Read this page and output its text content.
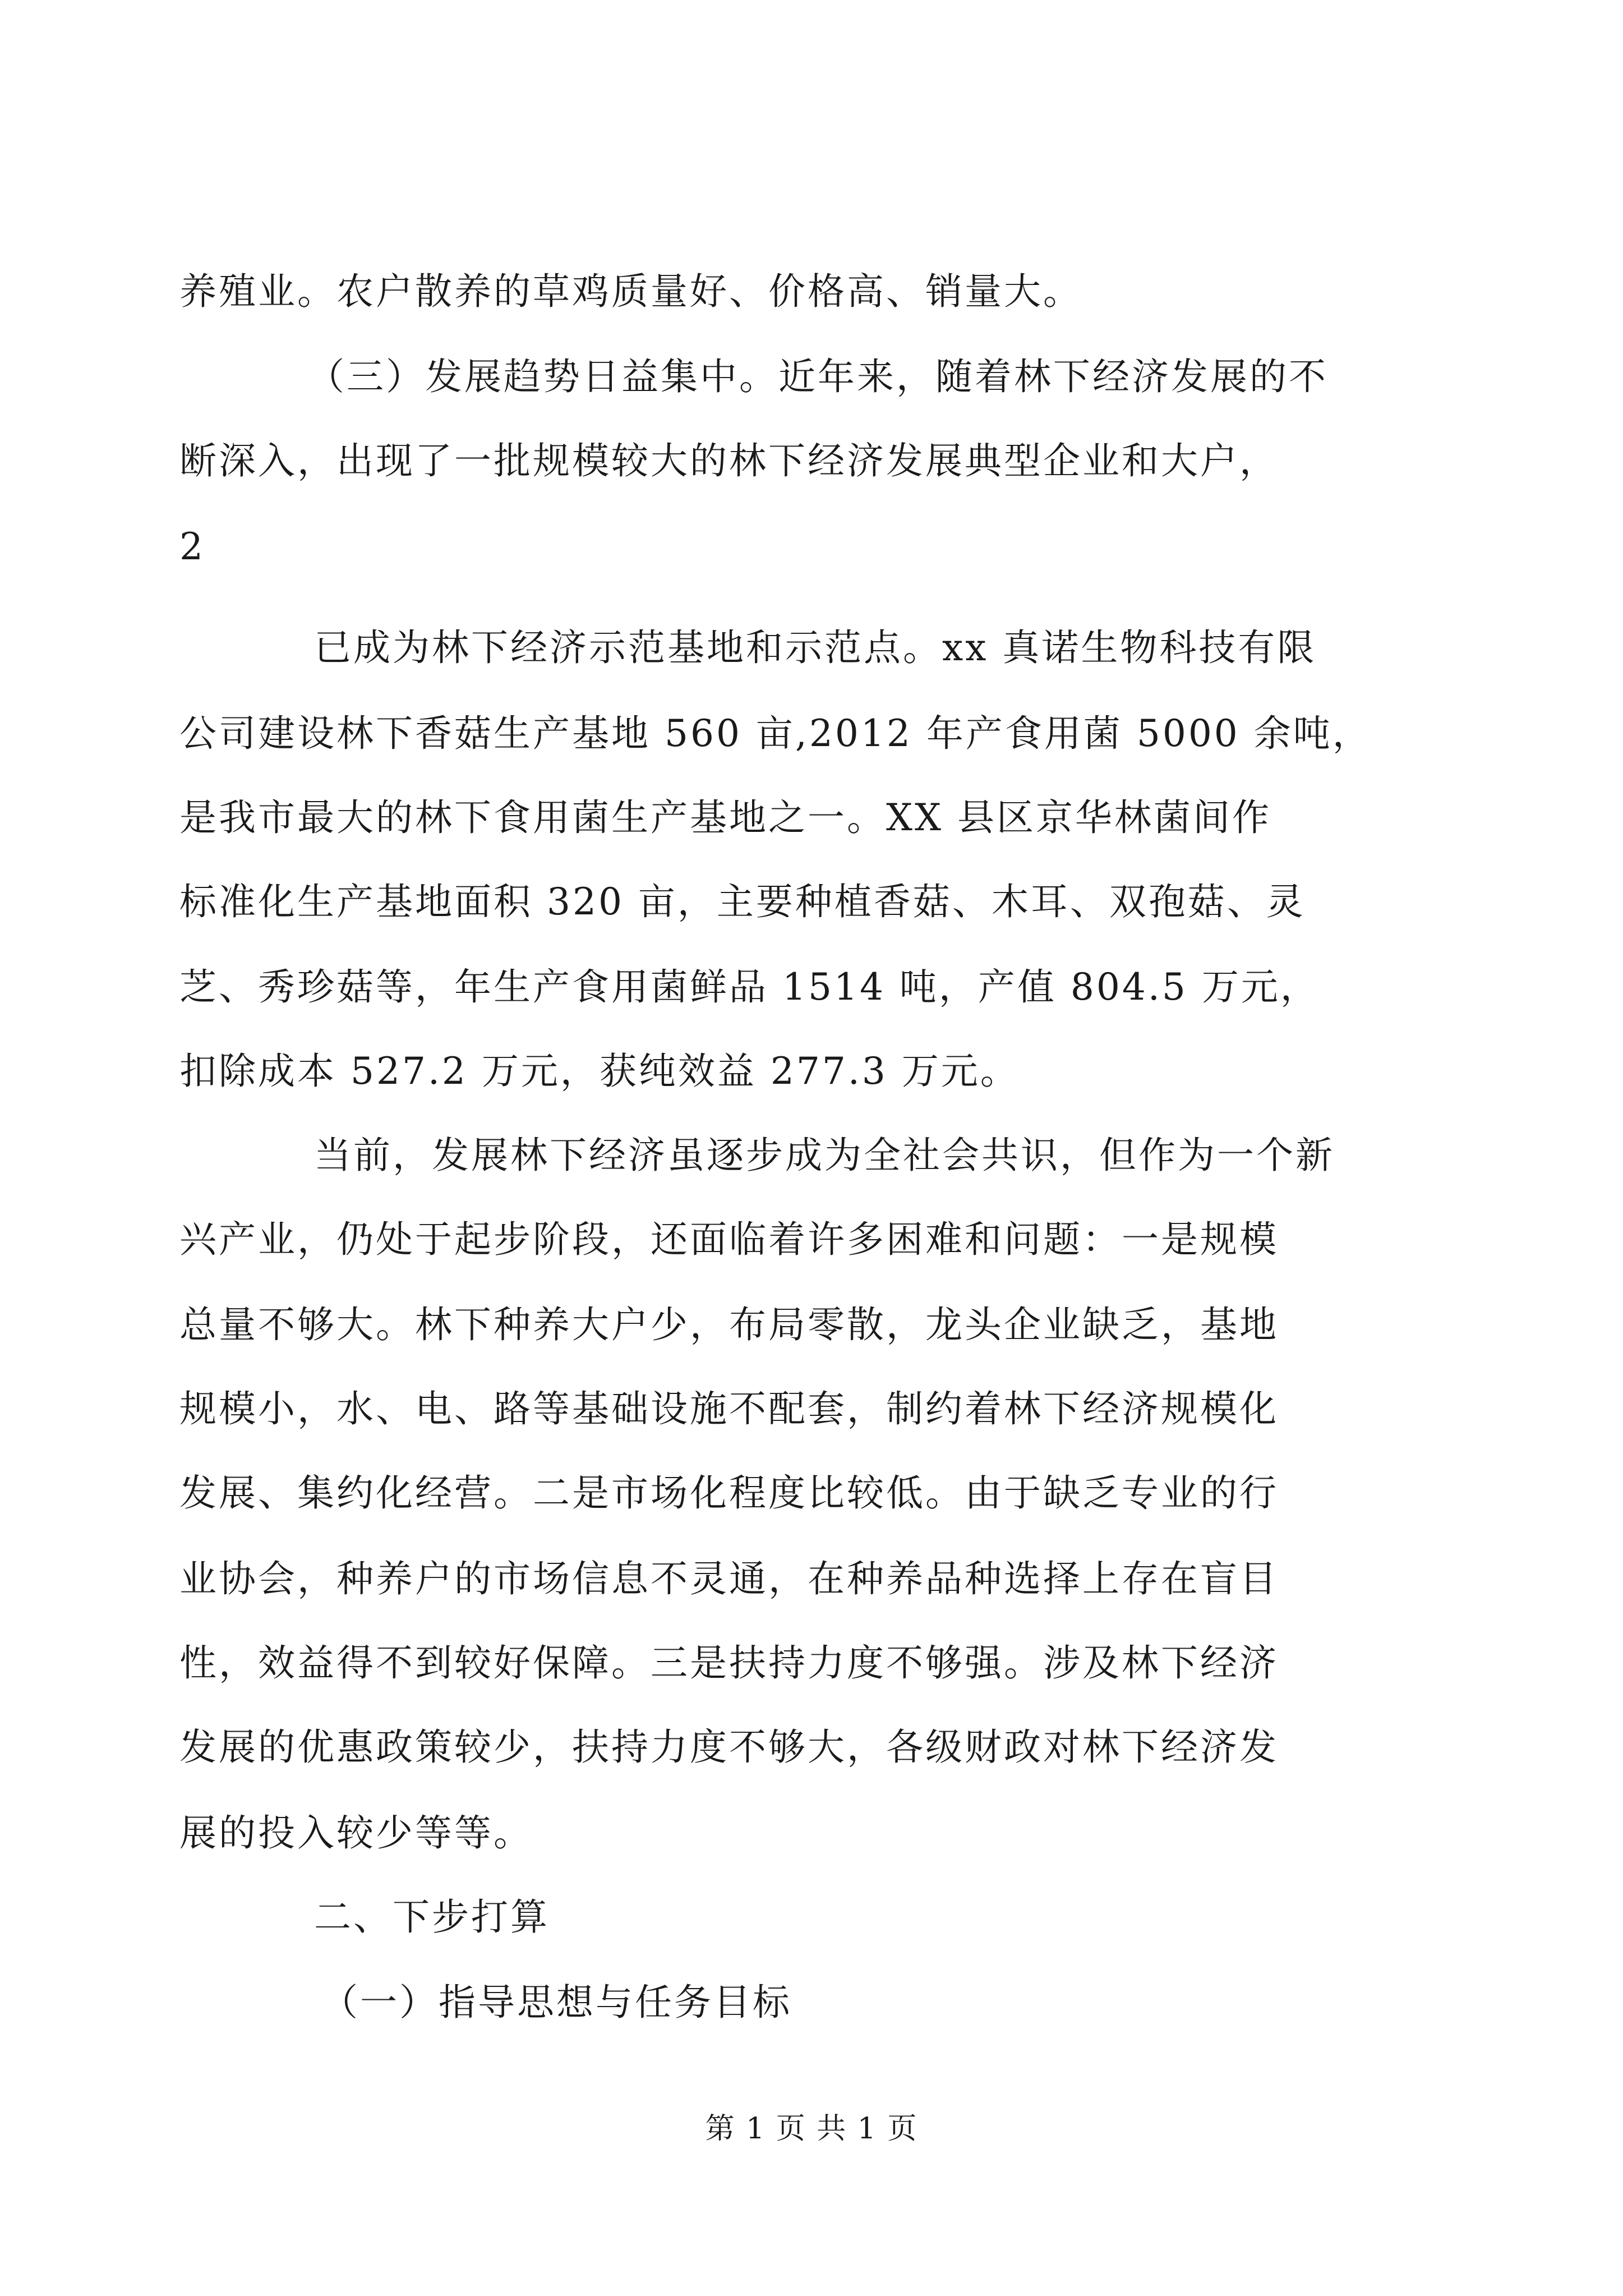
养殖业。农户散养的草鸡质量好、价格高、销量大。
（三）发展趋势日益集中。近年来，随着林下经济发展的不
断深入，出现了一批规模较大的林下经济发展典型企业和大户，
2
已成为林下经济示范基地和示范点。xx 真诺生物科技有限
公司建设林下香菇生产基地 560 亩,2012 年产食用菌 5000 余吨，
是我市最大的林下食用菌生产基地之一。XX 县区京华林菌间作
标准化生产基地面积 320 亩，主要种植香菇、木耳、双孢菇、灵
芝、秀珍菇等，年生产食用菌鲜品 1514 吨，产值 804.5 万元，
扣除成本 527.2 万元，获纯效益 277.3 万元。
当前，发展林下经济虽逐步成为全社会共识，但作为一个新
兴产业，仍处于起步阶段，还面临着许多困难和问题：一是规模
总量不够大。林下种养大户少，布局零散，龙头企业缺乏，基地
规模小，水、电、路等基础设施不配套，制约着林下经济规模化
发展、集约化经营。二是市场化程度比较低。由于缺乏专业的行
业协会，种养户的市场信息不灵通，在种养品种选择上存在盲目
性，效益得不到较好保障。三是扶持力度不够强。涉及林下经济
发展的优惠政策较少，扶持力度不够大，各级财政对林下经济发
展的投入较少等等。
二、下步打算
（一）指导思想与任务目标
第 1 页 共 1 页
